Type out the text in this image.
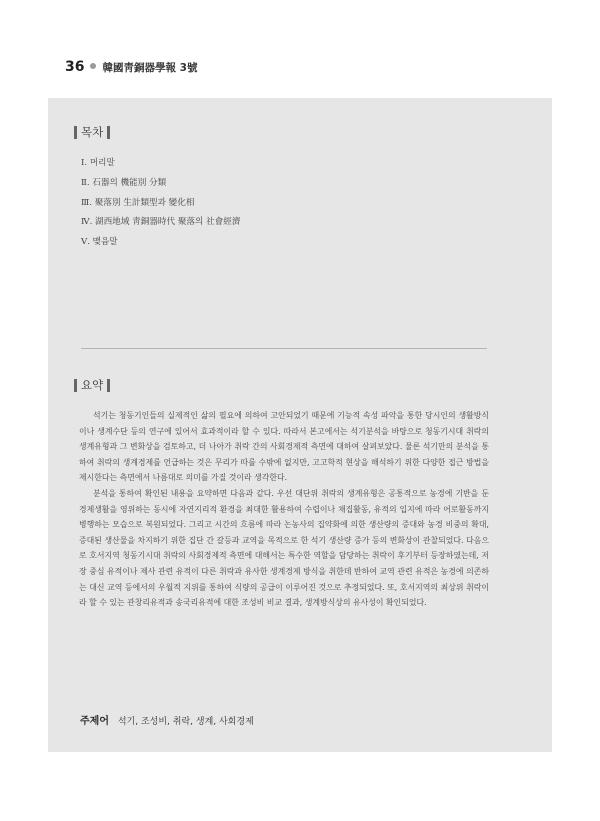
36 韓國靑銅器學報 3號
목차
Ⅰ. 머리말
Ⅱ. 石器의 機能別 分類
Ⅲ. 聚落別 生計類型과 變化相
Ⅳ. 湖西地域 靑銅器時代 聚落의 社會經濟
Ⅴ. 맺음말
요약

석기는 청동기인들의 실제적인 삶의 필요에 의하여 고안되었기 때문에 기능적 속성 파악을 통한 당시인의 생활방식이나 생계수단 등의 연구에 있어서 효과적이라 할 수 있다. 따라서 본고에서는 석기분석을 바탕으로 청동기시대 취락의 생계유형과 그 변화상을 검토하고, 더 나아가 취락 간의 사회경제적 측면에 대하여 살펴보았다. 물론 석기만의 분석을 통하여 취락의 생계경제를 언급하는 것은 무리가 따를 수밖에 없지만, 고고학적 현상을 해석하기 위한 다양한 접근 방법을 제시한다는 측면에서 나름대로 의미를 가질 것이라 생각한다.

분석을 통하여 확인된 내용을 요약하면 다음과 같다. 우선 대단위 취락의 생계유형은 공통적으로 농경에 기반을 둔 경제생활을 영위하는 동시에 자연지리적 환경을 최대한 활용하여 수렵이나 채집활동, 유적의 입지에 따라 어로활동까지 병행하는 모습으로 복원되었다. 그리고 시간의 흐름에 따라 논농사의 집약화에 의한 생산량의 증대와 농경 비중의 확대, 증대된 생산물을 차지하기 위한 집단 간 갈등과 교역을 목적으로 한 석기 생산량 증가 등의 변화상이 관찰되었다. 다음으로 호서지역 청동기시대 취락의 사회경제적 측면에 대해서는 특수한 역할을 담당하는 취락이 후기부터 등장하였는데, 저장 중심 유적이나 제사 관련 유적이 다른 취락과 유사한 생계경제 방식을 취한데 반하여 교역 관련 유적은 농경에 의존하는 대신 교역 등에서의 우월적 지위를 통하여 식량의 공급이 이루어진 것으로 추정되었다. 또, 호서지역의 최상위 취락이라 할 수 있는 관창리유적과 송국리유적에 대한 조성비 비교 결과, 생계방식상의 유사성이 확인되었다.

주제어 석기, 조성비, 취락, 생계, 사회경제
